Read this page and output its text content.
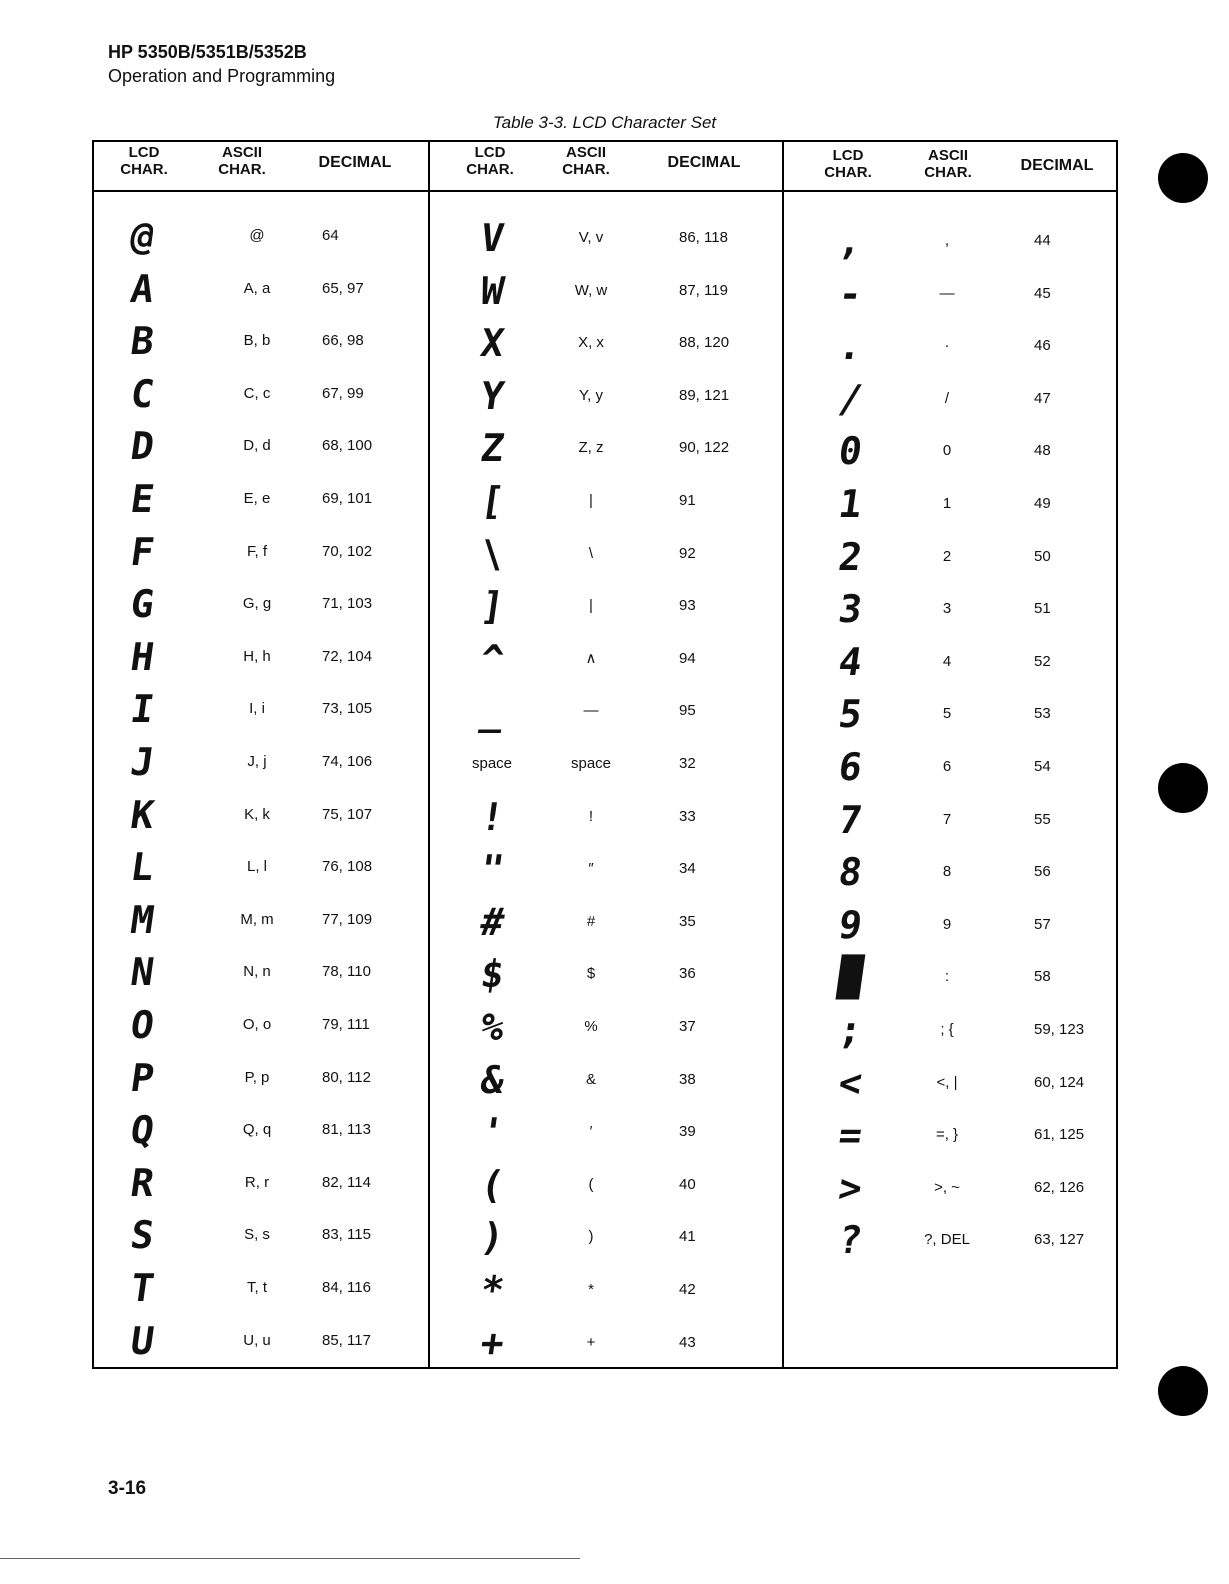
HP 5350B/5351B/5352B
Operation and Programming
Table 3-3. LCD Character Set
LCD
CHAR.
ASCII
CHAR.	DECIMAL
LCD
CHAR.
ASCII
CHAR.	DECIMAL	LCD
CHAR.
ASCII
CHAR.	DECIMAL
@	@	64
A	A, a	65, 97
B	B, b	66, 98
C	C, c	67, 99
D	D, d	68, 100
E	E, e	69, 101
F	F, f	70, 102
G	G, g	71, 103
H	H, h	72, 104
I	I, i	73, 105
J	J, j	74, 106
K	K, k	75, 107
L	L, l	76, 108
M	M, m	77, 109
N	N, n	78, 110
O	O, o	79, 111
P	P, p	80, 112
Q	Q, q	81, 113
R	R, r	82, 114
S	S, s	83, 115
T	T, t	84, 116
U	U, u	85, 117
V	V, v	86, 118
W	W, w	87, 119
X	X, x	88, 120
Y	Y, y	89, 121
Z	Z, z	90, 122
[	|	91
\	\	92
]	|	93
^	∧	94
_	—	95
space	space	32
!	!	33
"	″	34
#	#	35
$	$	36
%	%	37
&	&	38
'	′	39
(	(	40
)	)	41
*	*	42
+	+	43
,	,	44
-	—	45
.	·	46
/	/	47
0	0	48
1	1	49
2	2	50
3	3	51
4	4	52
5	5	53
6	6	54
7	7	55
8	8	56
9	9	57
█	:	58
;	; {	59, 123
<	<, |	60, 124
=	=, }	61, 125
>	>, ~	62, 126
?	?, DEL	63, 127
3-16
